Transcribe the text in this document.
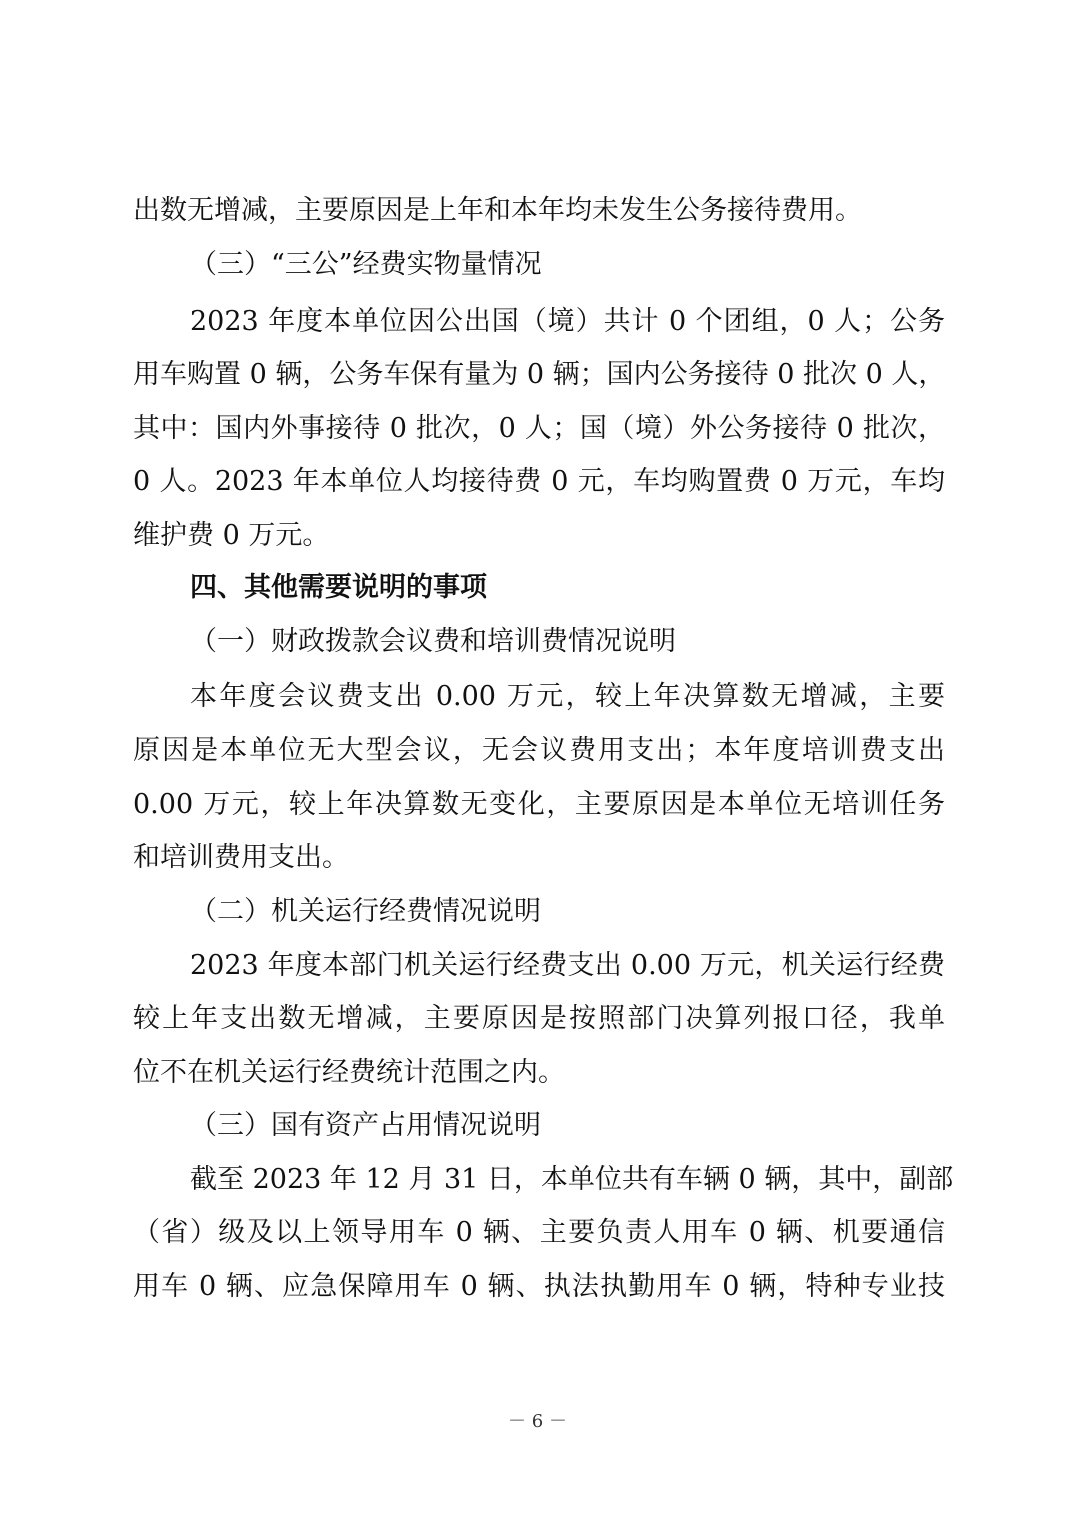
出数无增减，主要原因是上年和本年均未发生公务接待费用。
（三）“三公”经费实物量情况
2023 年度本单位因公出国（境）共计 0 个团组，0 人；公务
用车购置 0 辆，公务车保有量为 0 辆；国内公务接待 0 批次 0 人，
其中：国内外事接待 0 批次，0 人；国（境）外公务接待 0 批次，
0 人。2023 年本单位人均接待费 0 元，车均购置费 0 万元，车均
维护费 0 万元。
四、其他需要说明的事项
（一）财政拨款会议费和培训费情况说明
本年度会议费支出 0.00 万元，较上年决算数无增减，主要
原因是本单位无大型会议，无会议费用支出；本年度培训费支出
0.00 万元，较上年决算数无变化，主要原因是本单位无培训任务
和培训费用支出。
（二）机关运行经费情况说明
2023 年度本部门机关运行经费支出 0.00 万元，机关运行经费
较上年支出数无增减，主要原因是按照部门决算列报口径，我单
位不在机关运行经费统计范围之内。
（三）国有资产占用情况说明
截至 2023 年 12 月 31 日，本单位共有车辆 0 辆，其中，副部
（省）级及以上领导用车 0 辆、主要负责人用车 0 辆、机要通信
用车 0 辆、应急保障用车 0 辆、执法执勤用车 0 辆，特种专业技
－ 6 －
